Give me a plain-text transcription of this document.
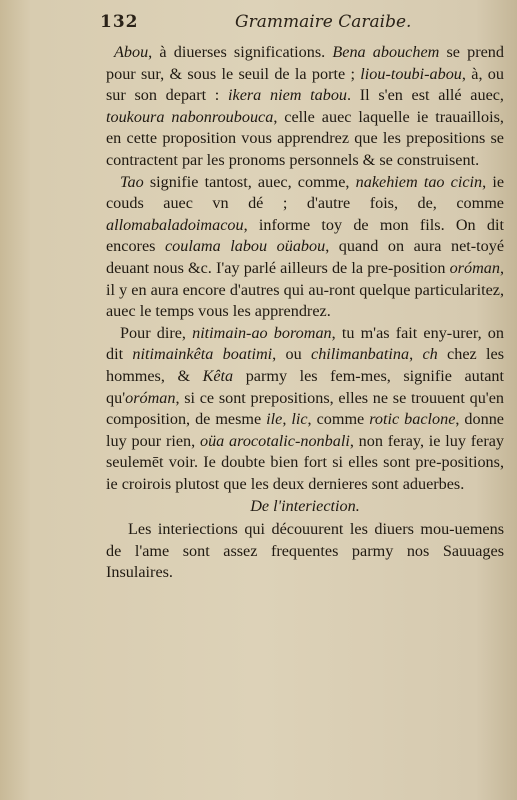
132	Grammaire Caraibe.

Abou, à diuerses significations. Bena abouchem se prend pour sur, & sous le seuil de la porte ; liou-toubi-abou, à, ou sur son depart : ikera niem tabou. Il s'en est allé auec, toukoura nabonroubouca, celle auec laquelle ie trauaillois, en cette proposition vous apprendrez que les prepositions se contractent par les pronoms personnels & se construisent.

Tao signifie tantost, auec, comme, nakehiem tao cicin, ie couds auec vn dé ; d'autre fois, de, comme allomabaladoimacou, informe toy de mon fils. On dit encores coulama labou oüabou, quand on aura net-toyé deuant nous &c. I'ay parlé ailleurs de la pre-position oróman, il y en aura encore d'autres qui au-ront quelque particularitez, auec le temps vous les apprendrez.

Pour dire, nitimain-ao boroman, tu m'as fait eny-urer, on dit nitimainkêta boatimi, ou chilimanbatina, ch chez les hommes, & Kêta parmy les fem-mes, signifie autant qu'oróman, si ce sont prepositions, elles ne se trouuent qu'en composition, de mesme ile, lic, comme rotic baclone, donne luy pour rien, oüa arocotalic-nonbali, non feray, ie luy feray seulemēt voir. Ie doubte bien fort si elles sont pre-positions, ie croirois plutost que les deux dernieres sont aduerbes.

De l'interiection.

Les interiections qui découurent les diuers mou-uemens de l'ame sont assez frequentes parmy nos Sauuages Insulaires.
